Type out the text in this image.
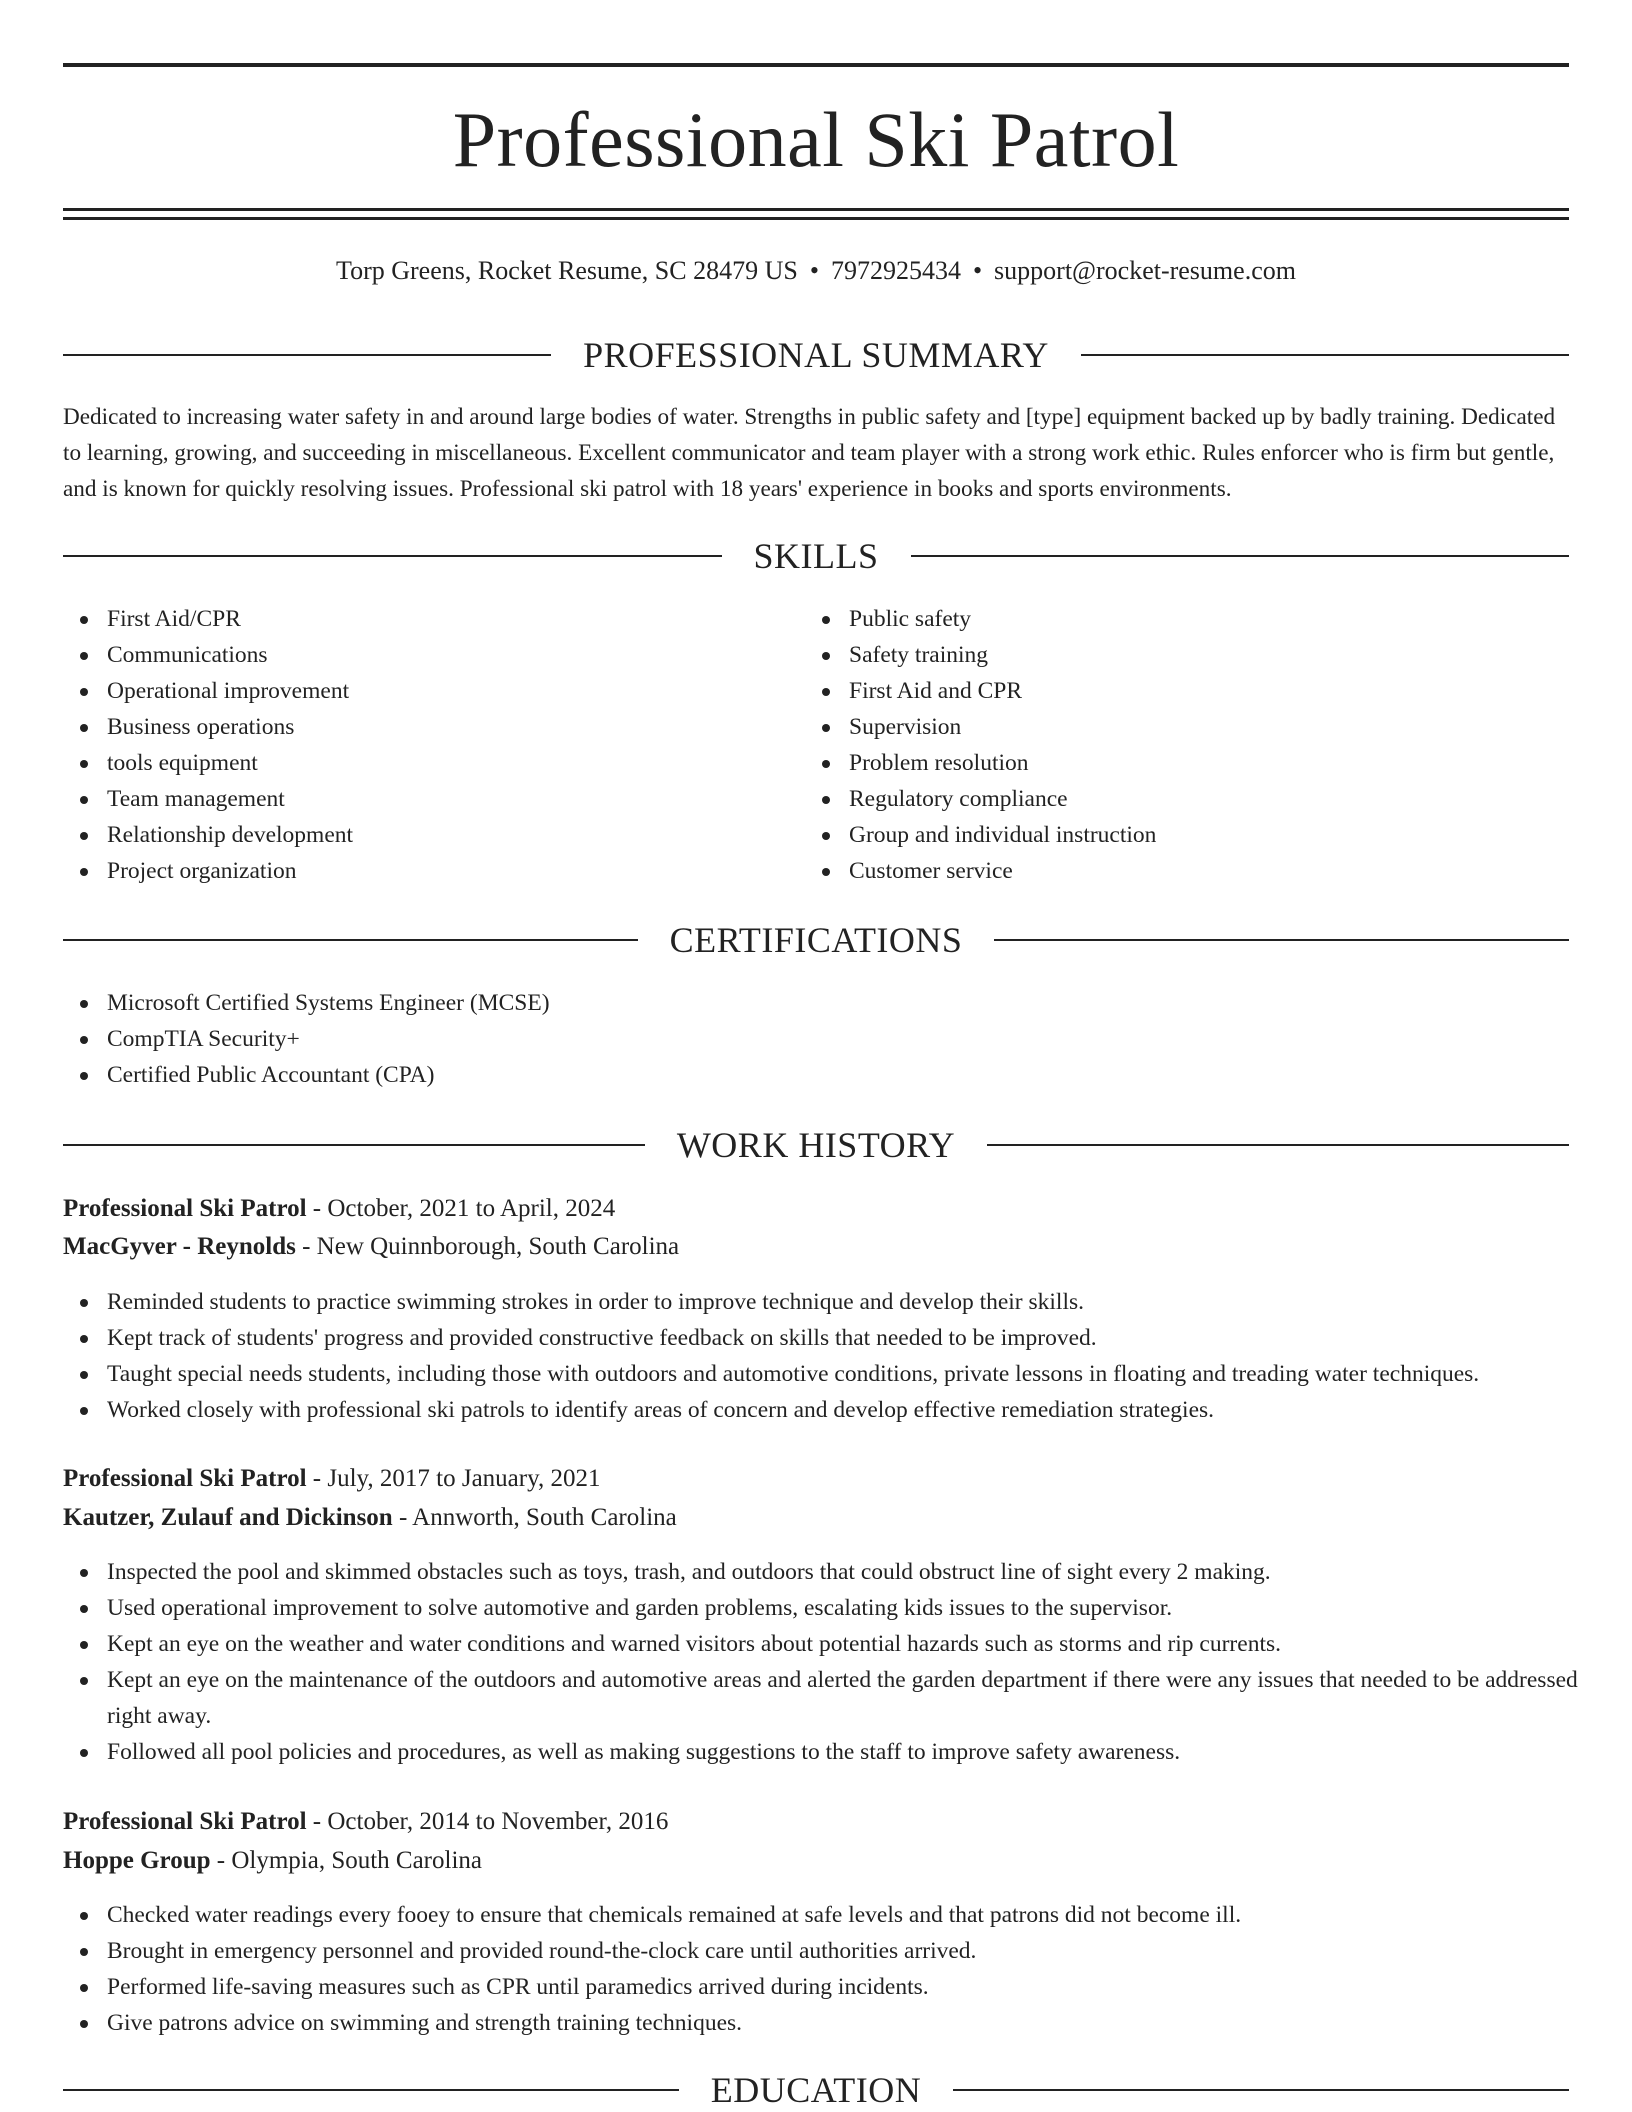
Professional Ski Patrol
Torp Greens, Rocket Resume, SC 28479 US • 7972925434 • support@rocket-resume.com
PROFESSIONAL SUMMARY

Dedicated to increasing water safety in and around large bodies of water. Strengths in public safety and [type] equipment backed up by badly training. Dedicated to learning, growing, and succeeding in miscellaneous. Excellent communicator and team player with a strong work ethic. Rules enforcer who is firm but gentle, and is known for quickly resolving issues. Professional ski patrol with 18 years' experience in books and sports environments.

SKILLS
First Aid/CPR
Communications
Operational improvement
Business operations
tools equipment
Team management
Relationship development
Project organization
Public safety
Safety training
First Aid and CPR
Supervision
Problem resolution
Regulatory compliance
Group and individual instruction
Customer service
CERTIFICATIONS
Microsoft Certified Systems Engineer (MCSE)
CompTIA Security+
Certified Public Accountant (CPA)
WORK HISTORY
Professional Ski Patrol - October, 2021 to April, 2024
MacGyver - Reynolds - New Quinnborough, South Carolina
Reminded students to practice swimming strokes in order to improve technique and develop their skills.
Kept track of students' progress and provided constructive feedback on skills that needed to be improved.
Taught special needs students, including those with outdoors and automotive conditions, private lessons in floating and treading water techniques.
Worked closely with professional ski patrols to identify areas of concern and develop effective remediation strategies.
Professional Ski Patrol - July, 2017 to January, 2021
Kautzer, Zulauf and Dickinson - Annworth, South Carolina
Inspected the pool and skimmed obstacles such as toys, trash, and outdoors that could obstruct line of sight every 2 making.
Used operational improvement to solve automotive and garden problems, escalating kids issues to the supervisor.
Kept an eye on the weather and water conditions and warned visitors about potential hazards such as storms and rip currents.
Kept an eye on the maintenance of the outdoors and automotive areas and alerted the garden department if there were any issues that needed to be addressed right away.
Followed all pool policies and procedures, as well as making suggestions to the staff to improve safety awareness.
Professional Ski Patrol - October, 2014 to November, 2016
Hoppe Group - Olympia, South Carolina
Checked water readings every fooey to ensure that chemicals remained at safe levels and that patrons did not become ill.
Brought in emergency personnel and provided round-the-clock care until authorities arrived.
Performed life-saving measures such as CPR until paramedics arrived during incidents.
Give patrons advice on swimming and strength training techniques.
EDUCATION
